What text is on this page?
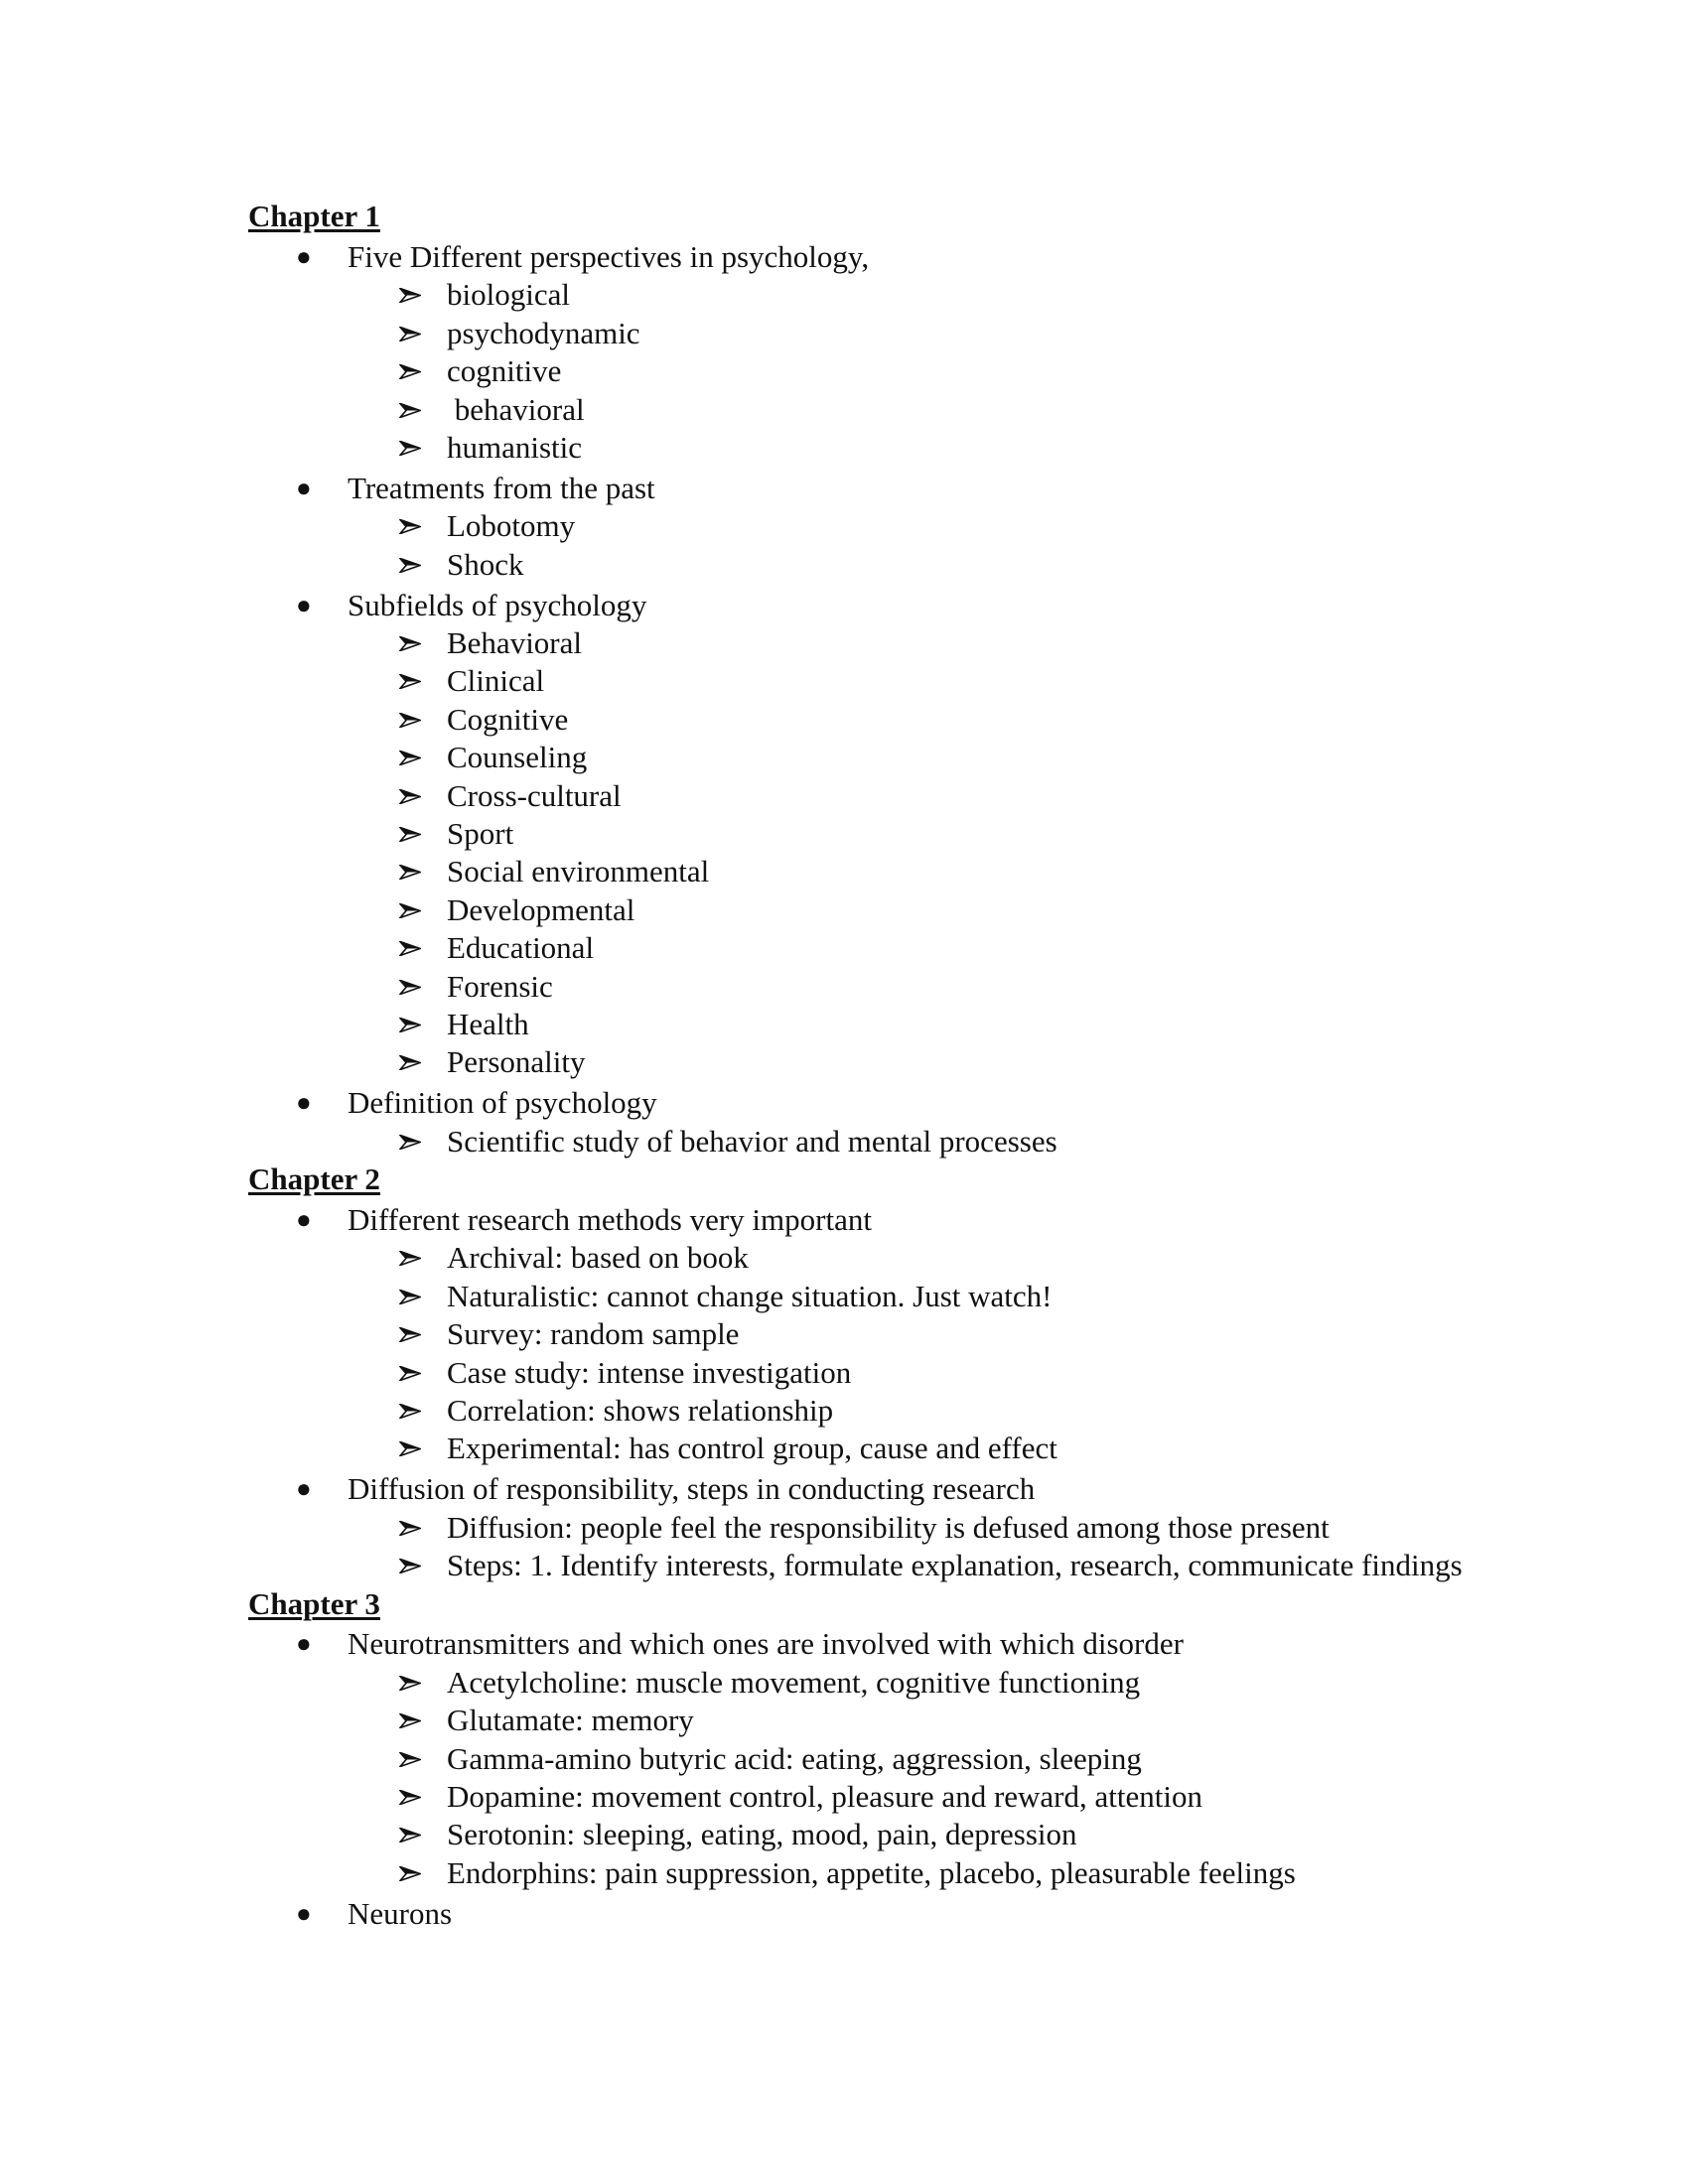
Chapter 1
● Five Different perspectives in psychology,
biological
psychodynamic
cognitive
behavioral
humanistic
● Treatments from the past
Lobotomy
Shock
● Subfields of psychology
Behavioral
Clinical
Cognitive
Counseling
Cross-cultural
Sport
Social environmental
Developmental
Educational
Forensic
Health
Personality
● Definition of psychology
Scientific study of behavior and mental processes
Chapter 2
● Different research methods very important
Archival: based on book
Naturalistic: cannot change situation. Just watch!
Survey: random sample
Case study: intense investigation
Correlation: shows relationship
Experimental: has control group, cause and effect
● Diffusion of responsibility, steps in conducting research
Diffusion: people feel the responsibility is defused among those present
Steps: 1. Identify interests, formulate explanation, research, communicate findings
Chapter 3
● Neurotransmitters and which ones are involved with which disorder
Acetylcholine: muscle movement, cognitive functioning
Glutamate: memory
Gamma-amino butyric acid: eating, aggression, sleeping
Dopamine: movement control, pleasure and reward, attention
Serotonin: sleeping, eating, mood, pain, depression
Endorphins: pain suppression, appetite, placebo, pleasurable feelings
● Neurons
